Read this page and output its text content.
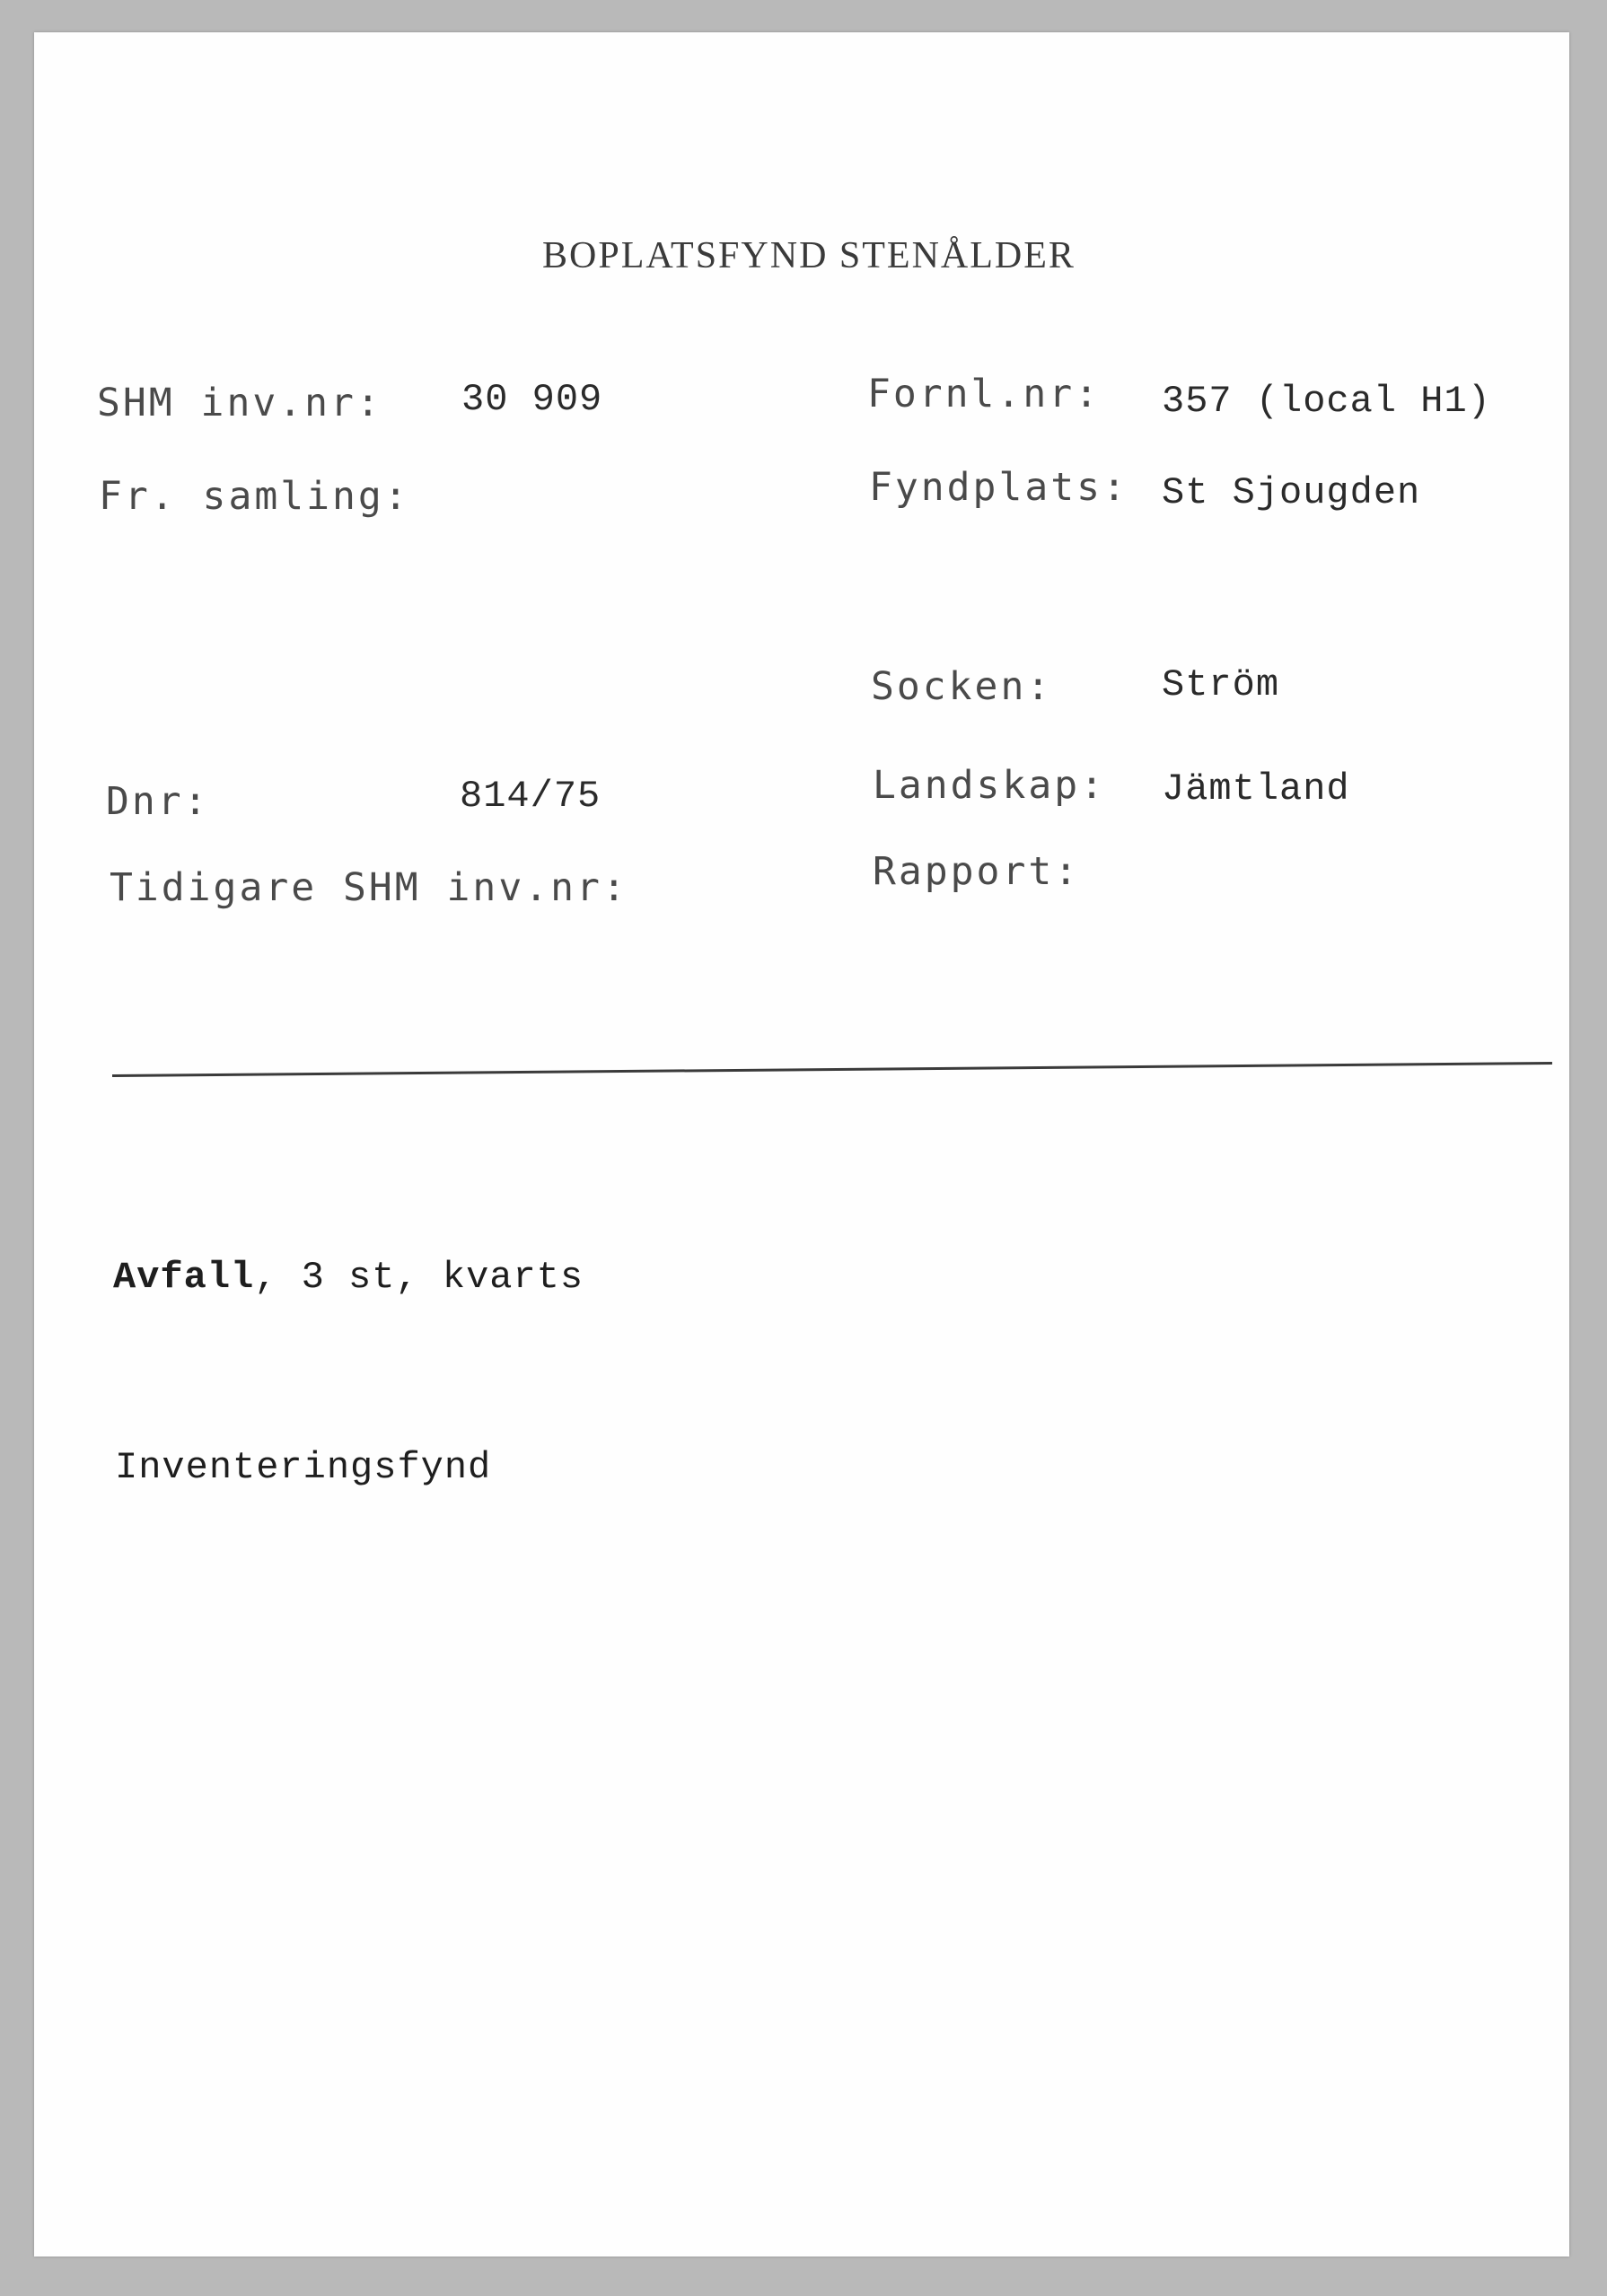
BOPLATSFYND STENÅLDER
SHM inv.nr: 30 909
Fr. samling:
Dnr:	814/75
Tidigare SHM inv.nr:
Fornl.nr: 357 (local H1)
Fyndplats: St Sjougden
Socken:	Ström
Landskap: Jämtland
Rapport:
Avfall, 3 st, kvarts
Inventeringsfynd
